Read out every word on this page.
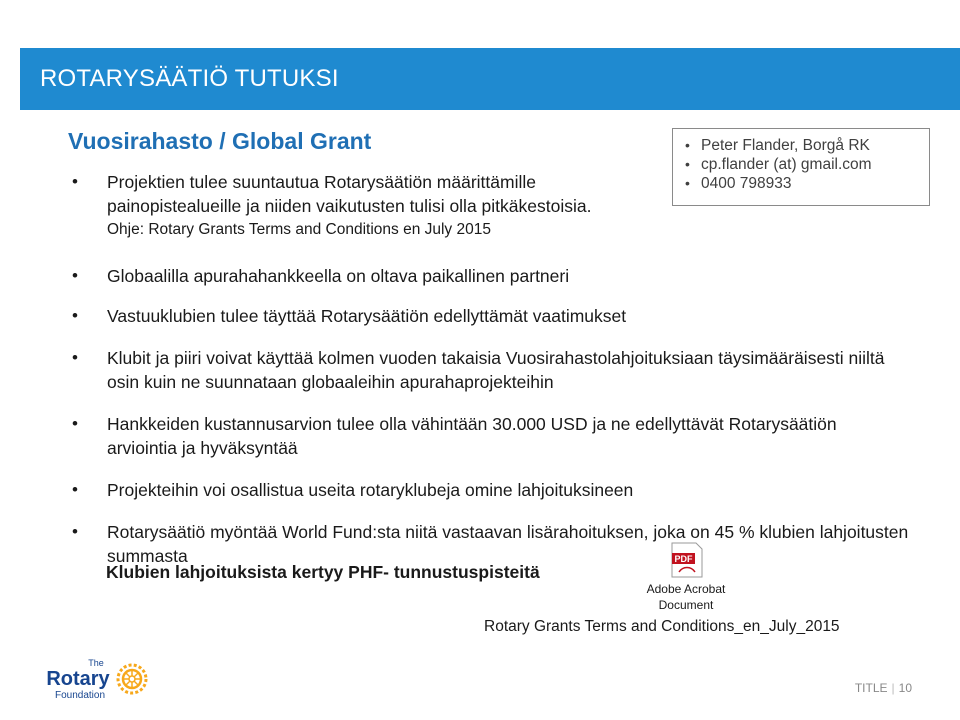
ROTARYSÄÄTIÖ TUTUKSI
Vuosirahasto / Global Grant
•	Peter Flander, Borgå RK
• cp.flander (at) gmail.com
• 0400 798933
• Projektien tulee suuntautua Rotarysäätiön määrittämille
painopistealueille ja niiden vaikutusten tulisi olla pitkäkestoisia.
Ohje: Rotary Grants Terms and Conditions en July 2015
• Globaalilla apurahahankkeella on oltava paikallinen partneri
• Vastuuklubien tulee täyttää Rotarysäätiön edellyttämät vaatimukset
• Klubit ja piiri voivat käyttää kolmen vuoden takaisia Vuosirahastolahjoituksiaan täysimääräisesti niiltä osin kuin ne suunnataan globaaleihin apurahaprojekteihin
• Hankkeiden kustannusarvion tulee olla vähintään 30.000 USD ja ne edellyttävät Rotarysäätiön arviointia ja hyväksyntää
• Projekteihin voi osallistua useita rotaryklubeja omine lahjoituksineen
• Rotarysäätiö myöntää World Fund:sta niitä vastaavan lisärahoituksen, joka on 45 % klubien lahjoitusten summasta

Klubien lahjoituksista kertyy PHF- tunnustuspisteitä

PDF
Adobe Acrobat
Document
Rotary Grants Terms and Conditions_en_July_2015
The
Rotary
Foundation
TITLE | 10
